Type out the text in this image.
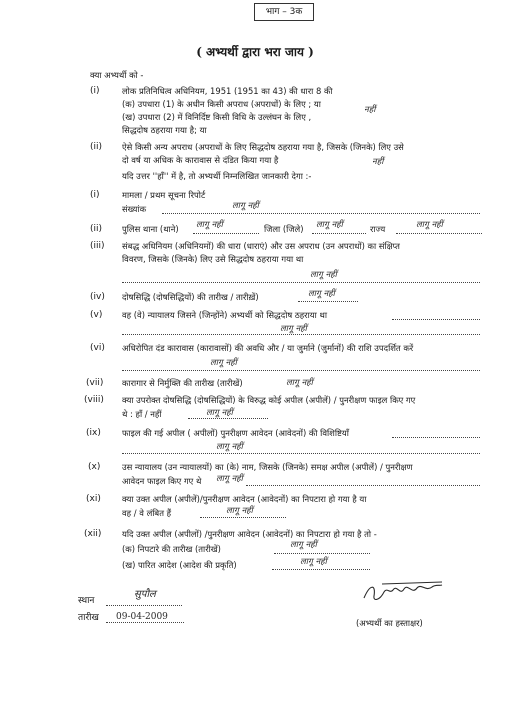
भाग – 3क
( अभ्यर्थी द्वारा भरा जाय )
क्या अभ्यर्थी को -
(i)	लोक प्रतिनिधित्व अधिनियम, 1951 (1951 का 43) की धारा 8 की
(क) उपधारा (1) के अधीन किसी अपराध (अपराधों) के लिए ; या
(ख) उपधारा (2) में विनिर्दिष्ट किसी विधि के उल्लंघन के लिए ,
नहीं
सिद्धदोष ठहराया गया है; या
(ii) ऐसे किसी अन्य अपराध (अपराधों के लिए सिद्धदोष ठहराया गया है, जिसके (जिनके) लिए उसे
दो वर्ष या अधिक के कारावास से दंडित किया गया है	नहीं
यदि उत्तर ''हाँ'' में है, तो अभ्यर्थी निम्नलिखित जानकारी देगा :-
(i)	मामला / प्रथम सूचना रिपोर्ट
संख्यांक	लागू नहीं
(ii) पुलिस थाना (थाने) लागू नहीं	जिला (जिले) लागू नहीं	राज्य	लागू नहीं
(iii) संबद्ध अधिनियम (अधिनियमों) की धारा (धाराएं) और उस अपराध (उन अपराधों) का संक्षिप्त
विवरण, जिसके (जिनके) लिए उसे सिद्धदोष ठहराया गया था
लागू नहीं
(iv) दोषसिद्धि (दोषसिद्धियों) की तारीख / तारीख़ें)	लागू नहीं
(v) वह (वे) न्यायालय जिसने (जिन्होंने) अभ्यर्थी को सिद्धदोष ठहराया था
लागू नहीं
(vi) अधिरोपित दंड कारावास (कारावासों) की अवधि और / या जुर्माने (जुर्मानों) की राशि उपदर्शित करें
लागू नहीं
(vii) कारागार से निर्मुक्ति की तारीख (तारीखें)	लागू नहीं
(viii) क्या उपरोक्त दोषसिद्धि (दोषसिद्धियों) के विरुद्ध कोई अपील (अपीलें) / पुनरीक्षण फाइल किए गए
थे : हाँ / नहीं	लागू नहीं
(ix)	फाइल की गई अपील ( अपीलों) पुनरीक्षण आवेदन (आवेदनों) की विशिष्टियाँ
लागू नहीं
(x)	उस न्यायालय (उन न्यायालयों) का (के) नाम, जिसके (जिनके) समक्ष अपील (अपीलें) / पुनरीक्षण
आवेदन फाइल किए गए थे लागू नहीं
(xi)	क्या उक्त अपील (अपीलें)/पुनरीक्षण आवेदन (आवेदनों) का निपटारा हो गया है या
वह / वे लंबित हैं	लागू नहीं
(xii) यदि उक्त अपील (अपीलों) /पुनरीक्षण आवेदन (आवेदनों) का निपटारा हो गया है तो -
(क) निपटारे की तारीख (तारीखें)	लागू नहीं
(ख) पारित आदेश (आदेश की प्रकृति)	लागू नहीं
स्थान
सुपौल
तारीख 09-04-2009
(अभ्यर्थी का हस्ताक्षर)
